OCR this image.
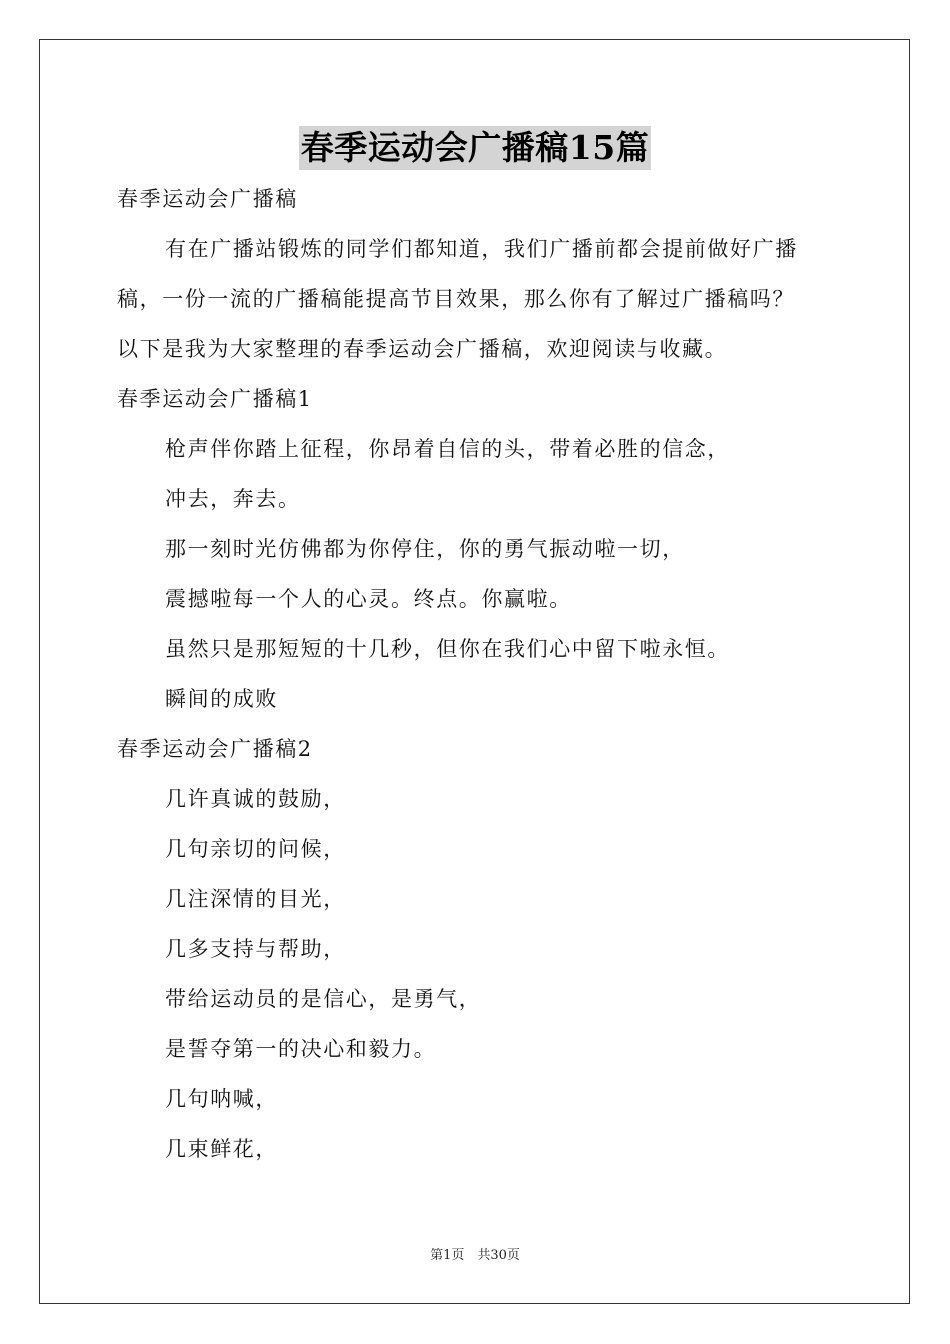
春季运动会广播稿15篇
春季运动会广播稿
有在广播站锻炼的同学们都知道，我们广播前都会提前做好广播
稿，一份一流的广播稿能提高节目效果，那么你有了解过广播稿吗？
以下是我为大家整理的春季运动会广播稿，欢迎阅读与收藏。
春季运动会广播稿1
枪声伴你踏上征程，你昂着自信的头，带着必胜的信念，
冲去，奔去。
那一刻时光仿佛都为你停住，你的勇气振动啦一切，
震撼啦每一个人的心灵。终点。你赢啦。
虽然只是那短短的十几秒，但你在我们心中留下啦永恒。
瞬间的成败
春季运动会广播稿2
几许真诚的鼓励，
几句亲切的问候，
几注深情的目光，
几多支持与帮助，
带给运动员的是信心，是勇气，
是誓夺第一的决心和毅力。
几句呐喊，
几束鲜花，
第1页　共30页
